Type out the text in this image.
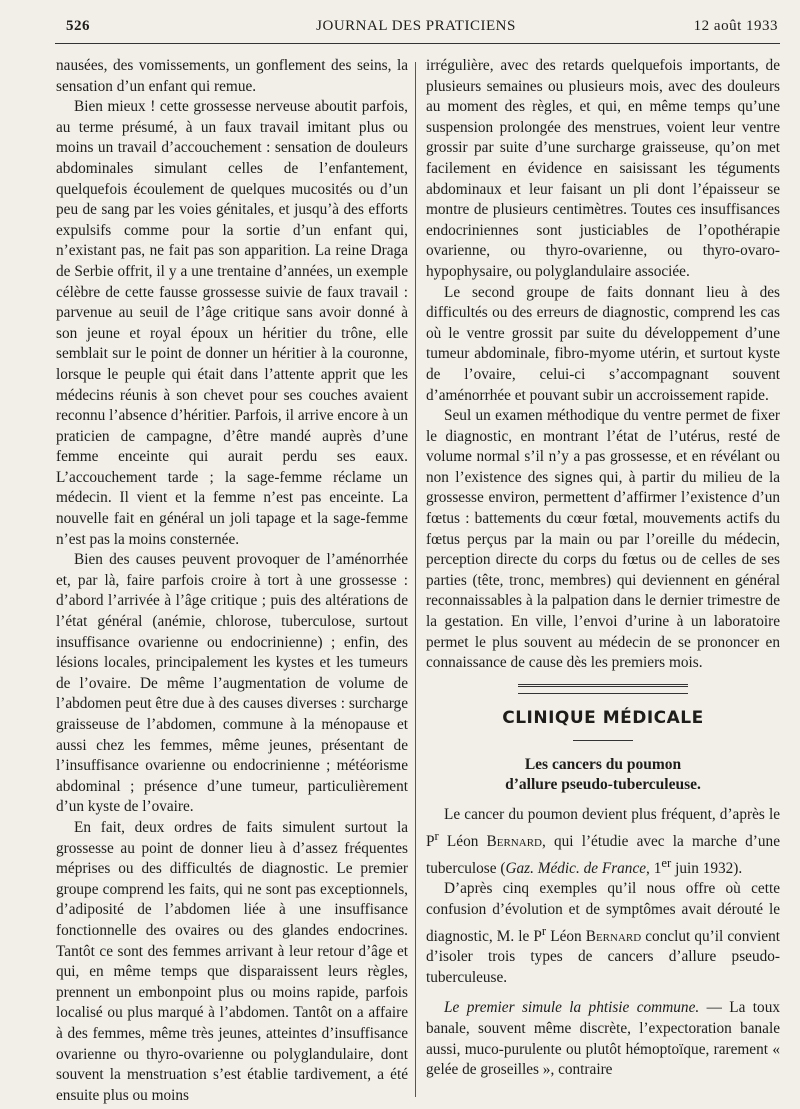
526	JOURNAL DES PRATICIENS	12 août 1933

nausées, des vomissements, un gonflement des seins, la sensation d’un enfant qui remue.

Bien mieux ! cette grossesse nerveuse aboutit parfois, au terme présumé, à un faux travail imitant plus ou moins un travail d’accouchement : sensation de douleurs abdominales simulant celles de l’enfantement, quelquefois écoulement de quelques mucosités ou d’un peu de sang par les voies génitales, et jusqu’à des efforts expulsifs comme pour la sortie d’un enfant qui, n’existant pas, ne fait pas son apparition. La reine Draga de Serbie offrit, il y a une trentaine d’années, un exemple célèbre de cette fausse grossesse suivie de faux travail : parvenue au seuil de l’âge critique sans avoir donné à son jeune et royal époux un héritier du trône, elle semblait sur le point de donner un héritier à la couronne, lorsque le peuple qui était dans l’attente apprit que les médecins réunis à son chevet pour ses couches avaient reconnu l’absence d’héritier. Parfois, il arrive encore à un praticien de campagne, d’être mandé auprès d’une femme enceinte qui aurait perdu ses eaux. L’accouchement tarde ; la sage-femme réclame un médecin. Il vient et la femme n’est pas enceinte. La nouvelle fait en général un joli tapage et la sage-femme n’est pas la moins consternée.

Bien des causes peuvent provoquer de l’aménorrhée et, par là, faire parfois croire à tort à une grossesse : d’abord l’arrivée à l’âge critique ; puis des altérations de l’état général (anémie, chlorose, tuberculose, surtout insuffisance ovarienne ou endocrinienne) ; enfin, des lésions locales, principalement les kystes et les tumeurs de l’ovaire. De même l’augmentation de volume de l’abdomen peut être due à des causes diverses : surcharge graisseuse de l’abdomen, commune à la ménopause et aussi chez les femmes, même jeunes, présentant de l’insuffisance ovarienne ou endocrinienne ; météorisme abdominal ; présence d’une tumeur, particulièrement d’un kyste de l’ovaire.

En fait, deux ordres de faits simulent surtout la grossesse au point de donner lieu à d’assez fréquentes méprises ou des difficultés de diagnostic. Le premier groupe comprend les faits, qui ne sont pas exceptionnels, d’adiposité de l’abdomen liée à une insuffisance fonctionnelle des ovaires ou des glandes endocrines. Tantôt ce sont des femmes arrivant à leur retour d’âge et qui, en même temps que disparaissent leurs règles, prennent un embonpoint plus ou moins rapide, parfois localisé ou plus marqué à l’abdomen. Tantôt on a affaire à des femmes, même très jeunes, atteintes d’insuffisance ovarienne ou thyro-ovarienne ou polyglandulaire, dont souvent la menstruation s’est établie tardivement, a été ensuite plus ou moins

irrégulière, avec des retards quelquefois importants, de plusieurs semaines ou plusieurs mois, avec des douleurs au moment des règles, et qui, en même temps qu’une suspension prolongée des menstrues, voient leur ventre grossir par suite d’une surcharge graisseuse, qu’on met facilement en évidence en saisissant les téguments abdominaux et leur faisant un pli dont l’épaisseur se montre de plusieurs centimètres. Toutes ces insuffisances endocriniennes sont justiciables de l’opothérapie ovarienne, ou thyro-ovarienne, ou thyro-ovaro-hypophysaire, ou polyglandulaire associée.

Le second groupe de faits donnant lieu à des difficultés ou des erreurs de diagnostic, comprend les cas où le ventre grossit par suite du développement d’une tumeur abdominale, fibro-myome utérin, et surtout kyste de l’ovaire, celui-ci s’accompagnant souvent d’aménorrhée et pouvant subir un accroissement rapide.

Seul un examen méthodique du ventre permet de fixer le diagnostic, en montrant l’état de l’utérus, resté de volume normal s’il n’y a pas grossesse, et en révélant ou non l’existence des signes qui, à partir du milieu de la grossesse environ, permettent d’affirmer l’existence d’un fœtus : battements du cœur fœtal, mouvements actifs du fœtus perçus par la main ou par l’oreille du médecin, perception directe du corps du fœtus ou de celles de ses parties (tête, tronc, membres) qui deviennent en général reconnaissables à la palpation dans le dernier trimestre de la gestation. En ville, l’envoi d’urine à un laboratoire permet le plus souvent au médecin de se prononcer en connaissance de cause dès les premiers mois.

CLINIQUE MÉDICALE
Les cancers du poumon
d’allure pseudo-tuberculeuse.

Le cancer du poumon devient plus fréquent, d’après le $P^r$ Léon Bernard, qui l’étudie avec la marche d’une tuberculose (Gaz. Médic. de France, 1er juin 1932).

D’après cinq exemples qu’il nous offre où cette confusion d’évolution et de symptômes avait dérouté le diagnostic, M. le $P^r$ Léon Bernard conclut qu’il convient d’isoler trois types de cancers d’allure pseudo-tuberculeuse.

Le premier simule la phtisie commune. — La toux banale, souvent même discrète, l’expectoration banale aussi, muco-purulente ou plutôt hémoptoïque, rarement « gelée de groseilles », contraire
